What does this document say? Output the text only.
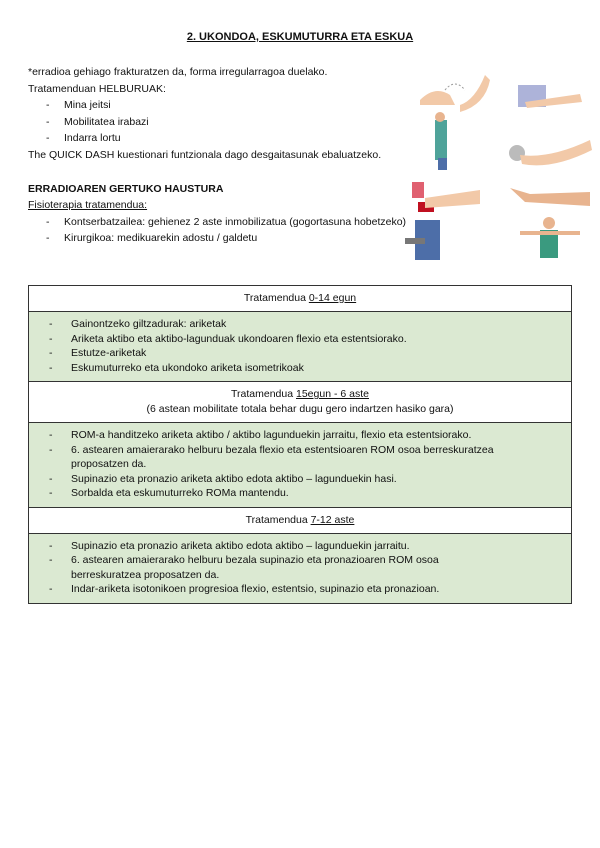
2. UKONDOA, ESKUMUTURRA ETA ESKUA

*erradioa gehiago frakturatzen da, forma irregularragoa duelako.

Tratamenduan HELBURUAK:

- Mina jeitsi

- Mobilitatea irabazi

- Indarra lortu

The QUICK DASH kuestionari funtzionala dago desgaitasunak ebaluatzeko.

ERRADIOAREN GERTUKO HAUSTURA

Fisioterapia tratamendua:

- Kontserbatzailea: gehienez 2 aste inmobilizatua (gogortasuna hobetzeko)

- Kirurgikoa: medikuarekin adostu / galdetu

Tratamendua 0-14 egun

- Gainontzeko giltzadurak: ariketak
- Ariketa aktibo eta aktibo-lagunduak ukondoaren flexio eta estentsiorako.
- Estutze-ariketak
- Eskumuturreko eta ukondoko ariketa isometrikoak

Tratamendua 15egun - 6 aste
(6 astean mobilitate totala behar dugu gero indartzen hasiko gara)

- ROM-a handitzeko ariketa aktibo / aktibo lagunduekin jarraitu, flexio eta estentsiorako.
- 6. astearen amaierarako helburu bezala flexio eta estentsioaren ROM osoa berreskuratzea proposatzen da.
- Supinazio eta pronazio ariketa aktibo edota aktibo – lagunduekin hasi.
- Sorbalda eta eskumuturreko ROMa mantendu.

Tratamendua 7-12 aste

- Supinazio eta pronazio ariketa aktibo edota aktibo – lagunduekin jarraitu.
- 6. astearen amaierarako helburu bezala supinazio eta pronazioaren ROM osoa berreskuratzea proposatzen da.
- Indar-ariketa isotonikoen progresioa flexio, estentsio, supinazio eta pronazioan.
